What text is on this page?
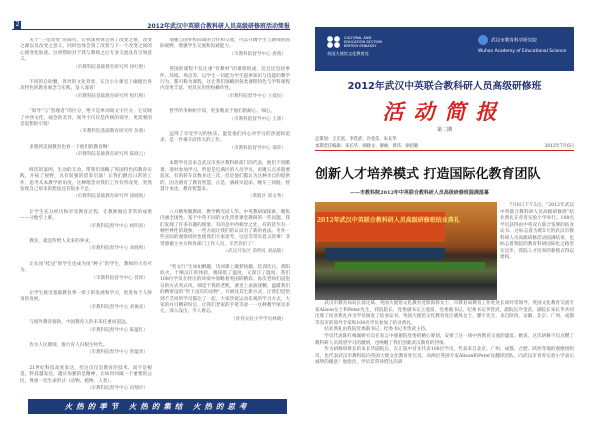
2	2012年武汉中英联合教科研人员高级研修班活动简报

关于“三电改变”的探究，让我深刻体会到了改变之难，改变之源以及改变之意义，同时也体会到了改变与下一个改变之间的心理变化轨迹。这将帮助对于我与教师之后专业交流具有引领意义。

（市教科院基础教育研究所 徐红艳）

不同的自助餐，各异的文化背景，在这小小课室上碰撞出各具特色的教育观念与实践，发人深省！

（市教科院基础教育研究所 程红梅）

“领导”与“管理者”的区分，绝不是单词间文字区分，它反映了中西文化、观念的差异，领导不仅仅是传统的领导，更需要的是思想的引领！

（市教科院基础教育研究所 彭燕）

多想到美国教育也看一下他们的教育啊！

（市教科院基础教育研究所 陈晓云）

鲜活的案例，生动的互动，带我们领略了英国特色的教育实践，开拓了视野，具有较强的借鉴启迪！让我们跳出日常的工作，思考从本教学的角度，这种理念对我们工作有所改变，突然发现自己原来的想法还有很多不足。

（市教科院基础教育研究所 徐晓航）

让学生充分经历和享受教育过程，让教师做出非常的成果——分数至上难。

（市教科院督导中心 杨明高）

教育，就是传给人未来的事业。

（市教科院督导中心 刘晓鸣）

让头顶“桂冠”的学生也成为顶“种子”的学生，教师的大有可为。

（市教科院督导中心 曾炜）

让学生接受基础教育事一辈子的发展和学习，促进每个人终身的发展。

（市教科院督导中心 刘俊彦）

与国外教育接轨，中国教育人的未来任重而道远。

（市教科院督导中心 陈蕴红）

作为人民教师，推行育人归根生时代。

（市教科院督导中心 曾蕴勇）

21世纪科技高度发达，但这仅仅是教育的技术，而不是根基，科技越发达，越应加强的是精神，让如何同做一个重要的公民，尊重一切生命形式（动物、植物、人类）。

（市教科院督导中心 向翔亭）

加强与国外校际间的合作和交流，可以开阔学生与教师的国际视野，增强学生交流和沟通能力。

（市教科院督导中心 唐燕）

英国的课程不仅注重“有教材”的课程组成，还且还包括事件、环境、场点等，以学生一切能为学生提供知识与技能的教学行为，都可称为课程，这让我们领略到各类课程特色与学科课程内容更丰富，更具实用性和操作性。

（市教科院督导中心 王爱民）

哲学的争辩始不知，更多数表于他们的耐心、细心。

（市教科院督导中心 王蕾）

远得了享受学习的快乐，温觉他们内心对学习的热爱和追求，是一件艰辛而伟大的工作。

（市教科院督导中心 谭萍）

本期学员是来自武汉市各区教科研部门的代表，他们不畏酷暑，准时参加学习，哲思是近满区的人员学员，再聚五点多就要起床，有的转车次数多达三次，但是他们都认为这种亲自的提供的，因为拥有了教育智慧，正是，满载早起床，晚车三回路，智慧计本也，教育智慧来。

（黄陂区 郑文秀）

八方精英聚教研，携学精光同人华。中英教研深探索，聚焦内涵全国性。基于中英不同的文化背景课堂教研的一些问题，我们发现了许多有趣的现象，有的是中西相异之处，有的甚至有一种世界性的现象，一些方面让我们的认识有了新的看法。另外一些实际的观察同时也使我们大家思考，这是非常有意义的事！非常感谢主办方和各部门工作人员，辛苦你们了！

（武汉开发区 余明礼 刘晶敏）

“英文行”生冰如醉趣，诗词课上趣梦故趣。培训次日，骄阳似火，十顺汉江的体验，嗅探低了温度，又深江了温度，我们108位学员在经历的环境中领略着英国的精彩。再次老师们浸泡日的方式英式风，细觉于我的老熙，课堂上表演迷糊，温暖我们的精密设的“世上没有的动物”，开展及其生新方式，让我们觉悟到不乏同的学员都注了一起，大家热爱运动乐观的学习方式，大家的并目精彩纷呈，让我们老家的手笔等迹一一这种教学深具多元，深入浅出，令人难忘。

（青春实验小学学员林晓）

火热的季节 火热的集结 火热的思考
CULTURAL AND
EDUCATION SECTION
BRITISH EMBASSY
英国大使馆文化教育处
武汉市教育科学研究院
Wuhan Academy of Educational Science
2012年武汉中英联合教科研人员高级研修班
活动简报
第二期
总策划：王宏富、李营武、冷金苗、朱长华
本期责任编辑：朱长华、胡晓文、谢丽、黄玮、徐招敏	2012年7月6日
创新人才培养模式 打造国际化教育团队
——市教科院2012年中英联合教科研人员高级研修班圆满落幕
2012年武汉中英联合教科研人员高级研修班结业典礼
7月6日下午5点，“2012年武汉中英联合教科研人员高级研修班”结业典礼在青青实验小学举行。108名学员获得由中英双方联合签署的结业证书。这标志着为期5天的武汉市教科研人员高级研修活动圆满结束，也标志着我院的教育科研国际化之路坚实迈步，我院人才培养的新模式得以建构。

武汉市教育局局长徐定斌、英国大使馆文化教育处影海蓉女士、市教育局教育工作处处长胡玲等领导，英国文化教育交流专家Alison女士和Peter先生，我院院长、党委副书记王池富，党委副书记、纪委书记李营武，副院长冷金苗，副院长朱长华共同出席了结业典礼并为学员颁发了结业证书。英国大使馆文化教育处汪晓凤女士、滕宇先生，来自陕西、安徽、北京、广州、成都等省市的领导专家和108名学员参加了结业典礼。

结业典礼由我院党委副书记、纪委书记李营武主持。

学员代表陈红梅副研究员在发言中感谢院党委的精心筹划，安排了这一场中西教育交流的盛宴。她说，这次研修不仅点燃了教科研人员渴望学习的激情，也唤醒了我们创新武汉教育的热情。

作为研修班班长的朱长华副院长，在汇报中首先代表108位学员，代表来自北京、广州、成都、合肥、陕西等地的观摩团组员，也代表武汉市教科院向英国大使文化教育处官员，向两位英国专家Alison和Peter及翻译团队，向武汉市青青实验小学表示诚挚的谢意！他指出，学员非常珍惜这次研
